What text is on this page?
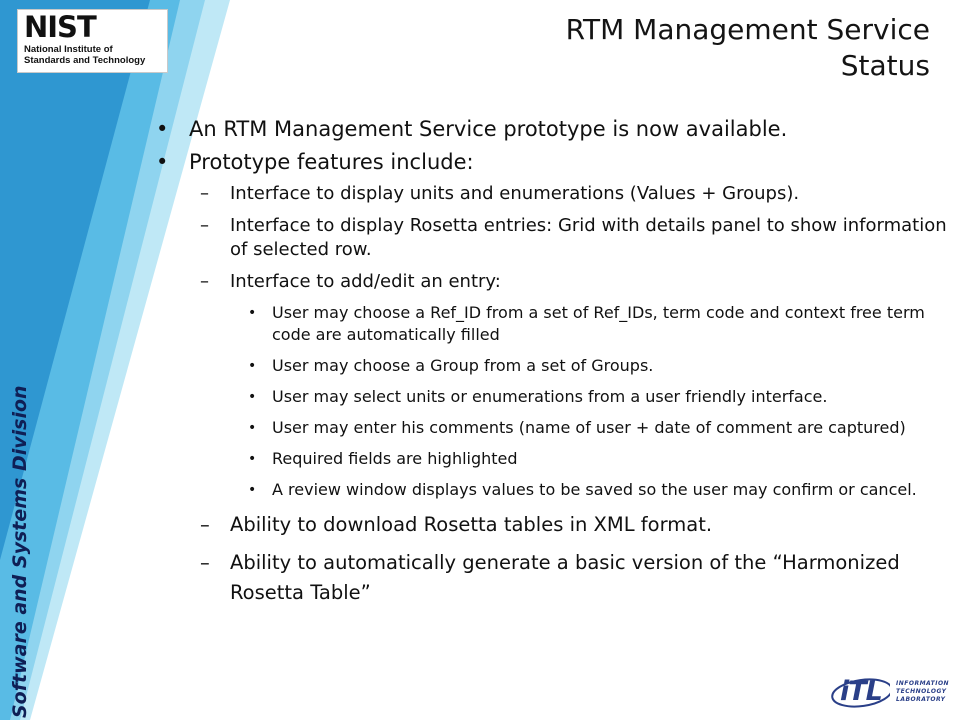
NIST
National Institute of
Standards and Technology
Software and Systems Division
RTM Management Service
Status
• An RTM Management Service prototype is now available.
• Prototype features include:
– Interface to display units and enumerations (Values + Groups).
– Interface to display Rosetta entries: Grid with details panel to show information of selected row.
– Interface to add/edit an entry:
• User may choose a Ref_ID from a set of Ref_IDs, term code and context free term code are automatically filled
• User may choose a Group from a set of Groups.
• User may select units or enumerations from a user friendly interface.
• User may enter his comments (name of user + date of comment are captured)
• Required fields are highlighted
• A review window displays values to be saved so the user may confirm or cancel.
– Ability to download Rosetta tables in XML format.
– Ability to automatically generate a basic version of the “Harmonized Rosetta Table”
iTL INFORMATION
TECHNOLOGY
LABORATORY
